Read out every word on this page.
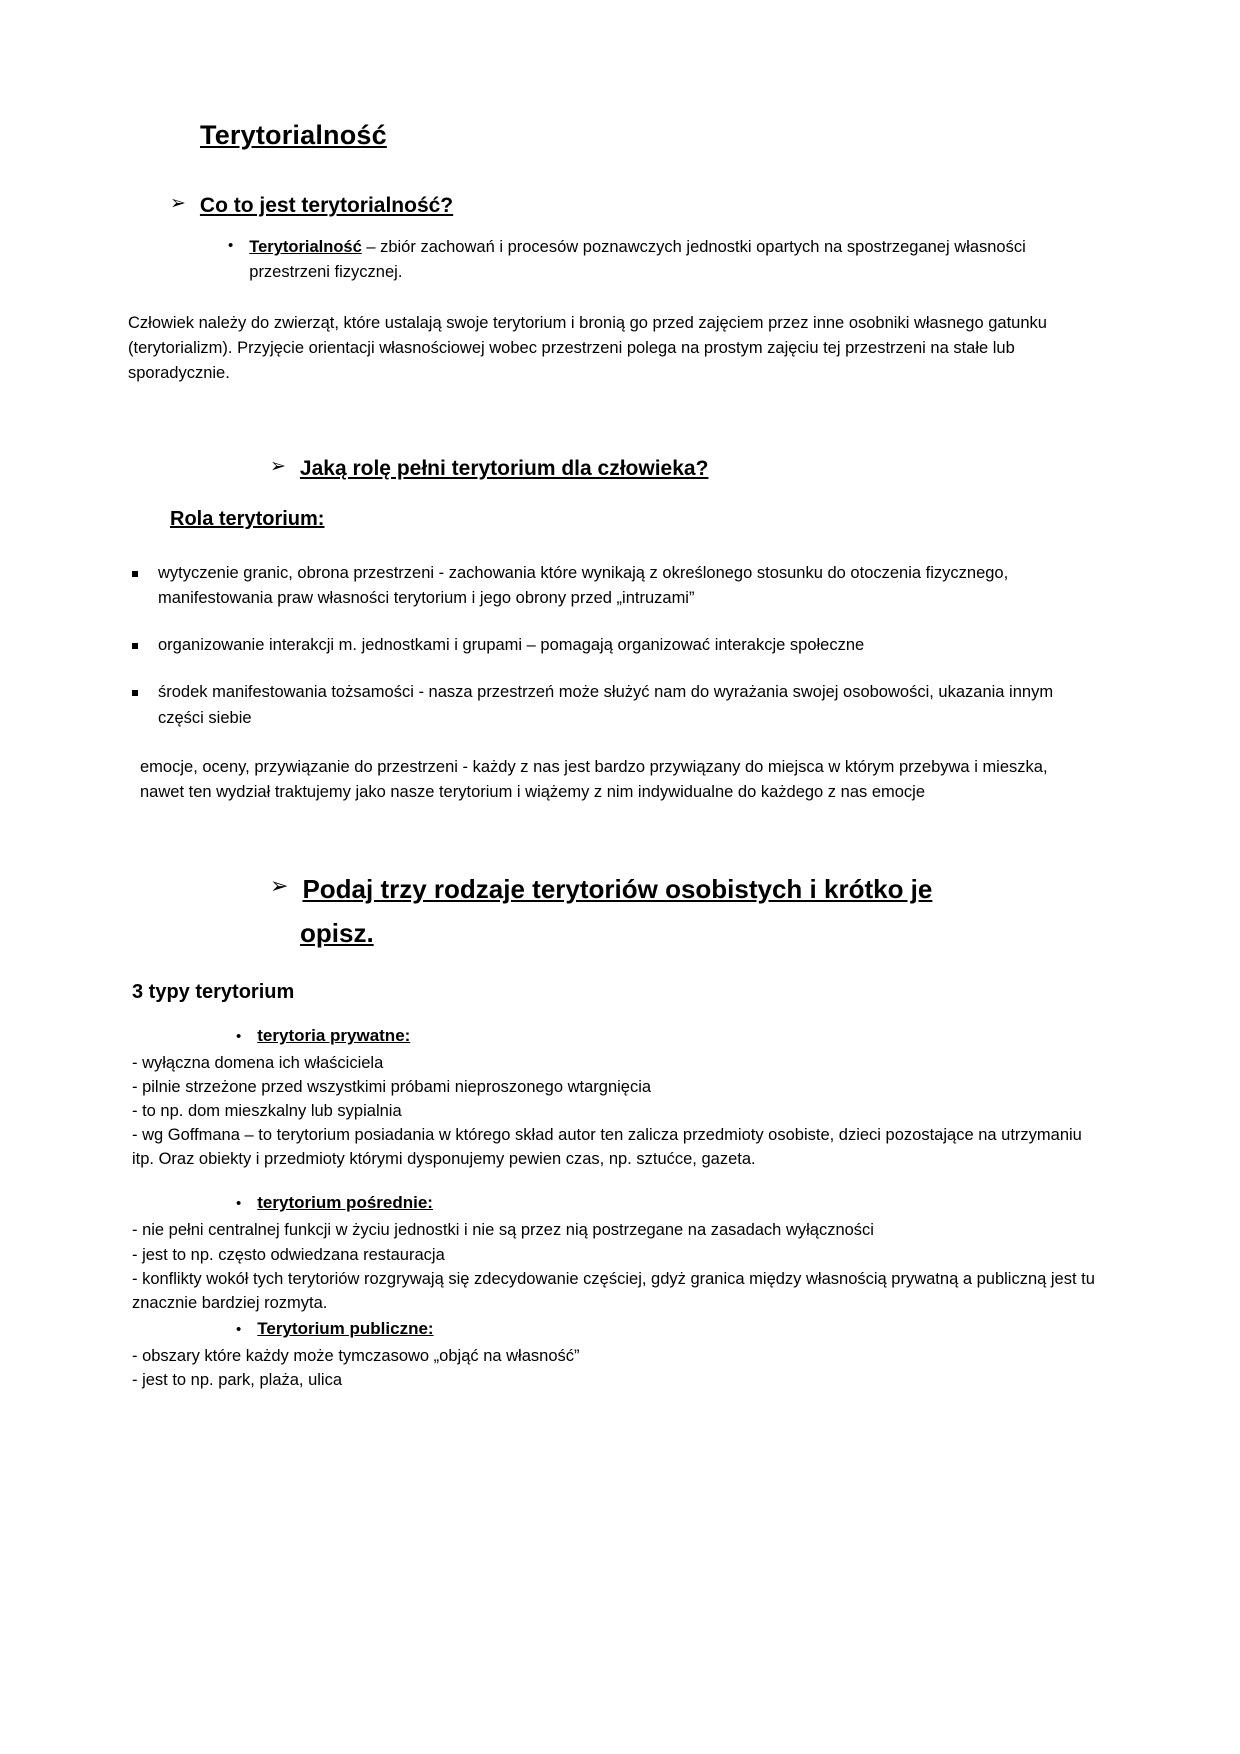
Terytorialność
➢ Co to jest terytorialność?
• Terytorialność – zbiór zachowań i procesów poznawczych jednostki opartych na spostrzeganej własności przestrzeni fizycznej.

Człowiek należy do zwierząt, które ustalają swoje terytorium i bronią go przed zajęciem przez inne osobniki własnego gatunku (terytorializm). Przyjęcie orientacji własnościowej wobec przestrzeni polega na prostym zajęciu tej przestrzeni na stałe lub sporadycznie.

➢ Jaką rolę pełni terytorium dla człowieka?
Rola terytorium:
wytyczenie granic, obrona przestrzeni - zachowania które wynikają z określonego stosunku do otoczenia fizycznego, manifestowania praw własności terytorium i jego obrony przed „intruzami”
organizowanie interakcji m. jednostkami i grupami – pomagają organizować interakcje społeczne
środek manifestowania tożsamości - nasza przestrzeń może służyć nam do wyrażania swojej osobowości, ukazania innym części siebie

emocje, oceny, przywiązanie do przestrzeni - każdy z nas jest bardzo przywiązany do miejsca w którym przebywa i mieszka, nawet ten wydział traktujemy jako nasze terytorium i wiążemy z nim indywidualne do każdego z nas emocje

➢ Podaj trzy rodzaje terytoriów osobistych i krótko je
opisz.
3 typy terytorium
• terytoria prywatne:
- wyłączna domena ich właściciela
- pilnie strzeżone przed wszystkimi próbami nieproszonego wtargnięcia
- to np. dom mieszkalny lub sypialnia
- wg Goffmana – to terytorium posiadania w którego skład autor ten zalicza przedmioty osobiste, dzieci pozostające na utrzymaniu itp. Oraz obiekty i przedmioty którymi dysponujemy pewien czas, np. sztućce, gazeta.
• terytorium pośrednie:
- nie pełni centralnej funkcji w życiu jednostki i nie są przez nią postrzegane na zasadach wyłączności
- jest to np. często odwiedzana restauracja
- konflikty wokół tych terytoriów rozgrywają się zdecydowanie częściej, gdyż granica między własnością prywatną a publiczną jest tu znacznie bardziej rozmyta.
• Terytorium publiczne:
- obszary które każdy może tymczasowo „objąć na własność”
- jest to np. park, plaża, ulica
